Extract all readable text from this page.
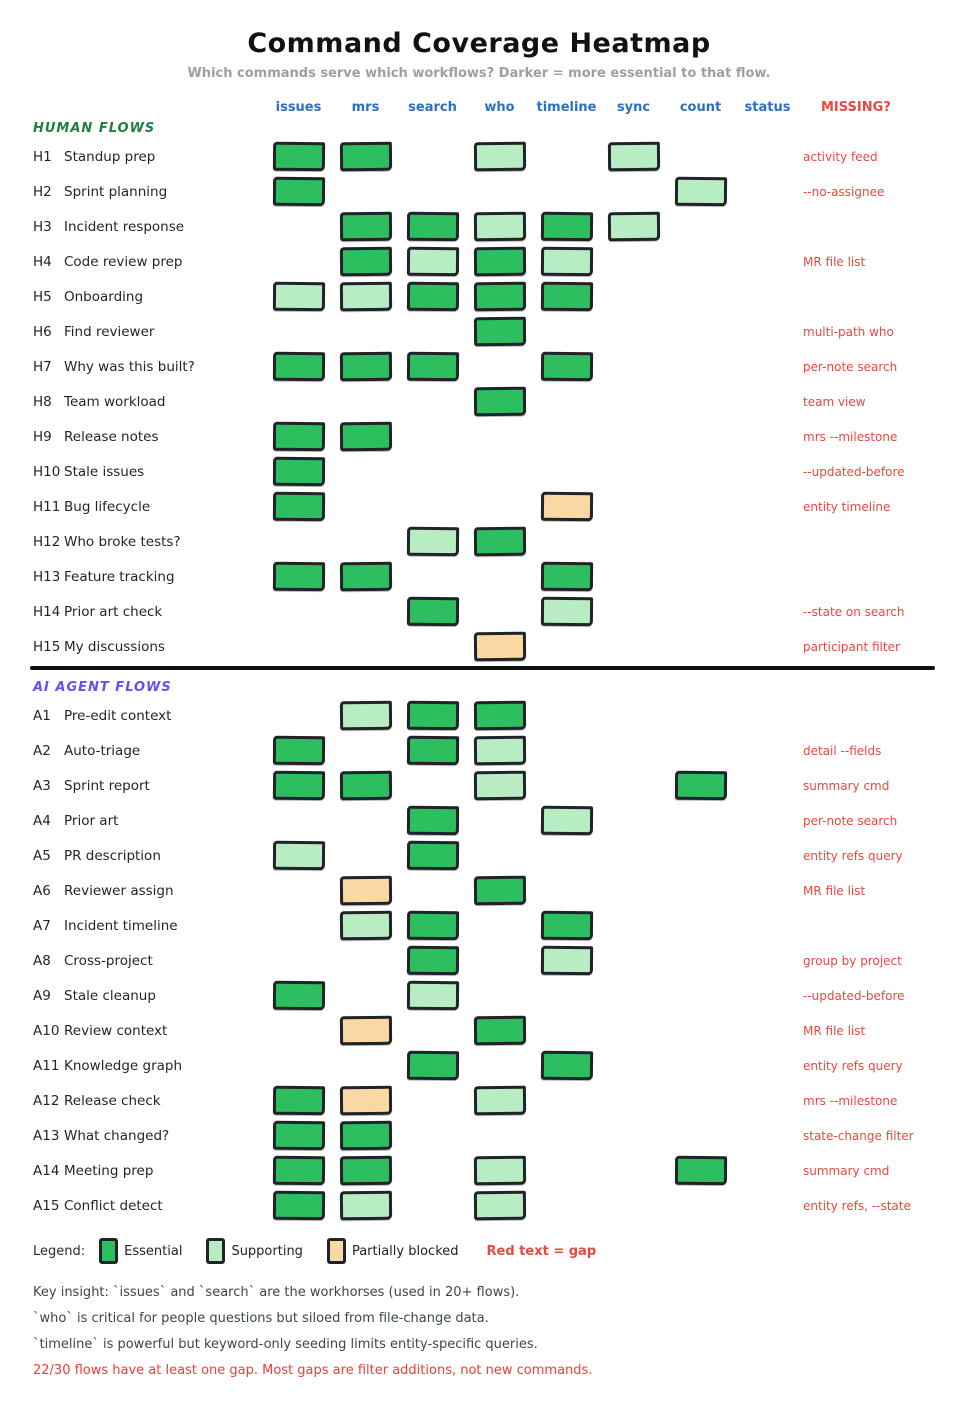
Command Coverage Heatmap
Which commands serve which workflows? Darker = more essential to that flow.
issues	mrs	search	who	timeline	sync	count	status	MISSING?
HUMAN FLOWS
H1 Standup prep	activity feed
H2 Sprint planning	--no-assignee
H3 Incident response
H4 Code review prep	MR file list
H5 Onboarding
H6 Find reviewer	multi-path who
H7 Why was this built?	per-note search
H8 Team workload	team view
H9 Release notes	mrs --milestone
H10 Stale issues	--updated-before
H11 Bug lifecycle	entity timeline
H12 Who broke tests?
H13 Feature tracking
H14 Prior art check	--state on search
H15 My discussions	participant filter
AI AGENT FLOWS
A1 Pre-edit context
A2 Auto-triage	detail --fields
A3 Sprint report	summary cmd
A4 Prior art	per-note search
A5 PR description	entity refs query
A6 Reviewer assign	MR file list
A7 Incident timeline
A8 Cross-project	group by project
A9 Stale cleanup	--updated-before
A10 Review context	MR file list
A11 Knowledge graph	entity refs query
A12 Release check	mrs --milestone
A13 What changed?	state-change filter
A14 Meeting prep	summary cmd
A15 Conflict detect	entity refs, --state
Legend:	Essential	Supporting	Partially blocked Red text = gap
Key insight: `issues` and `search` are the workhorses (used in 20+ flows).
`who` is critical for people questions but siloed from file-change data.
`timeline` is powerful but keyword-only seeding limits entity-specific queries.
22/30 flows have at least one gap. Most gaps are filter additions, not new commands.
